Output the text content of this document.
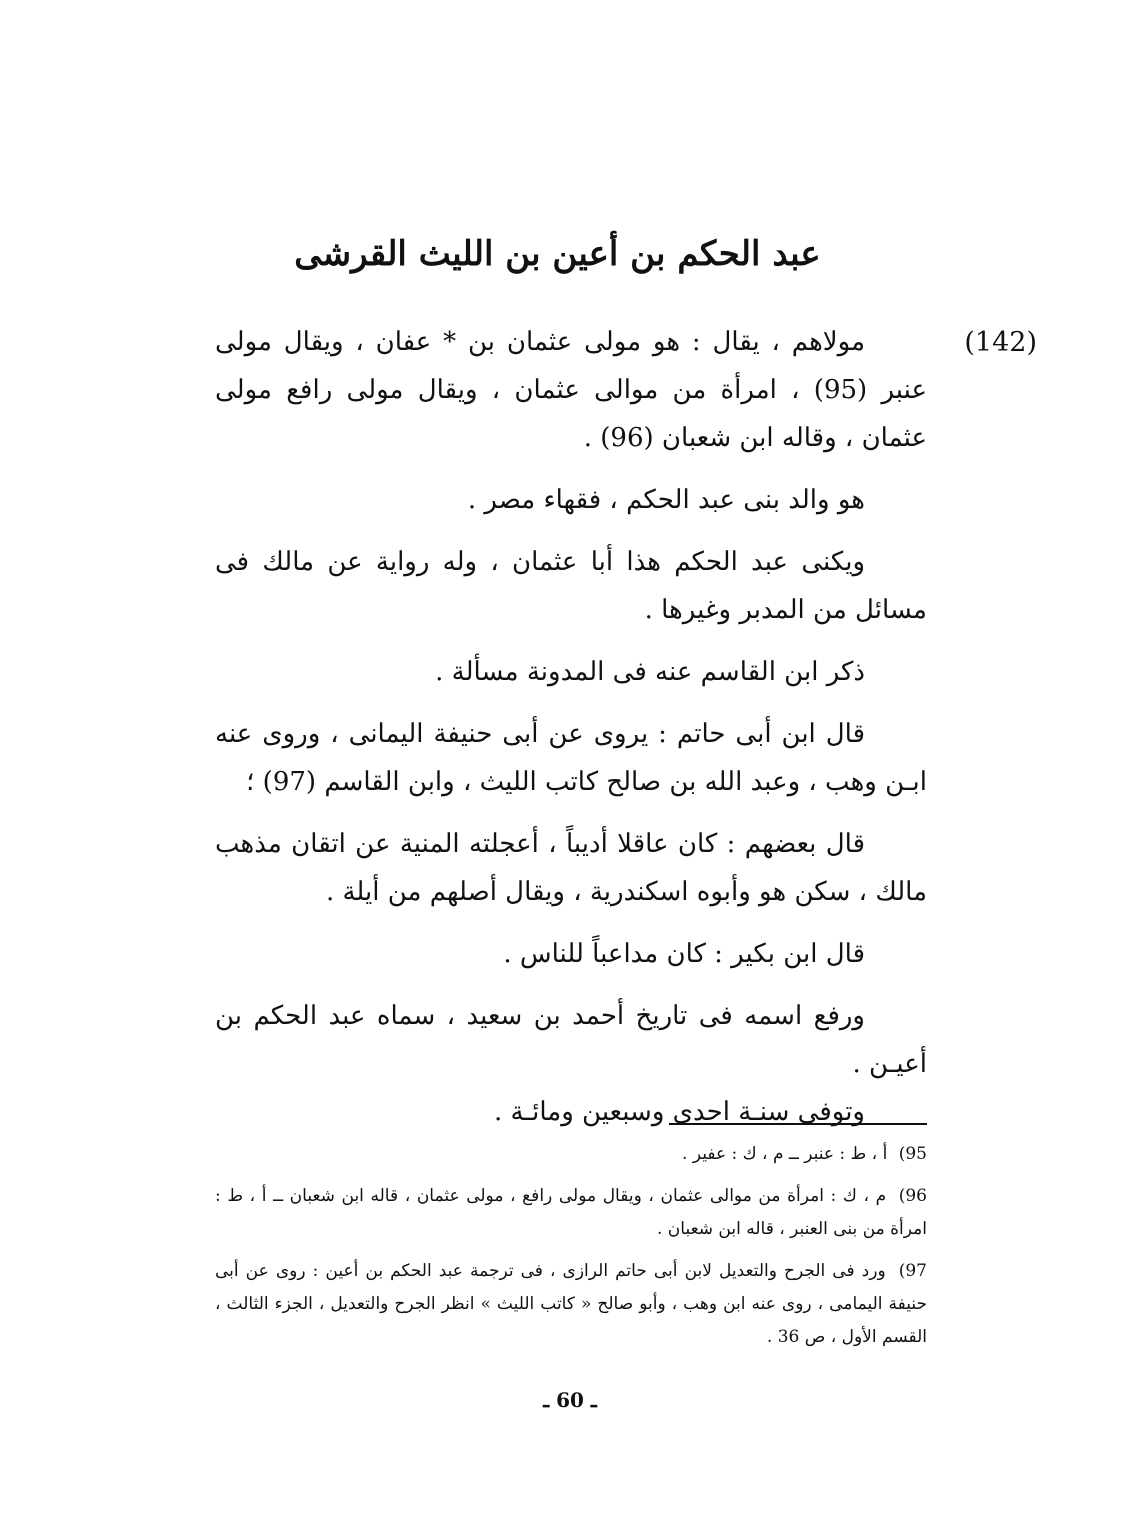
عبد الحكم بن أعين بن الليث القرشى
(142)

مولاهم ، يقال : هو مولى عثمان بن * عفان ، ويقال مولى عنبر (95) ، امرأة من موالى عثمان ، ويقال مولى رافع مولى عثمان ، وقاله ابن شعبان (96) .

هو والد بنى عبد الحكم ، فقهاء مصر .

ويكنى عبد الحكم هذا أبا عثمان ، وله رواية عن مالك فى مسائل من المدبر وغيرها .

ذكر ابن القاسم عنه فى المدونة مسألة .

قال ابن أبى حاتم : يروى عن أبى حنيفة اليمانى ، وروى عنه ابـن وهب ، وعبد الله بن صالح كاتب الليث ، وابن القاسم (97) ؛

قال بعضهم : كان عاقلا أديباً ، أعجلته المنية عن اتقان مذهب مالك ، سكن هو وأبوه اسكندرية ، ويقال أصلهم من أيلة .

قال ابن بكير : كان مداعباً للناس .

ورفع اسمه فى تاريخ أحمد بن سعيد ، سماه عبد الحكم بن أعيـن .

وتوفى سنـة احدى وسبعين ومائـة .

95) أ ، ط : عنبر ــ م ، ك : عفير .

96) م ، ك : امرأة من موالى عثمان ، ويقال مولى رافع ، مولى عثمان ، قاله ابن شعبان ــ أ ، ط : امرأة من بنى العنبر ، قاله ابن شعبان .

97) ورد فى الجرح والتعديل لابن أبى حاتم الرازى ، فى ترجمة عبد الحكم بن أعين : روى عن أبى حنيفة اليمامى ، روى عنه ابن وهب ، وأبو صالح « كاتب الليث » انظر الجرح والتعديل ، الجزء الثالث ، القسم الأول ، ص 36 .

ـ 60 ـ
